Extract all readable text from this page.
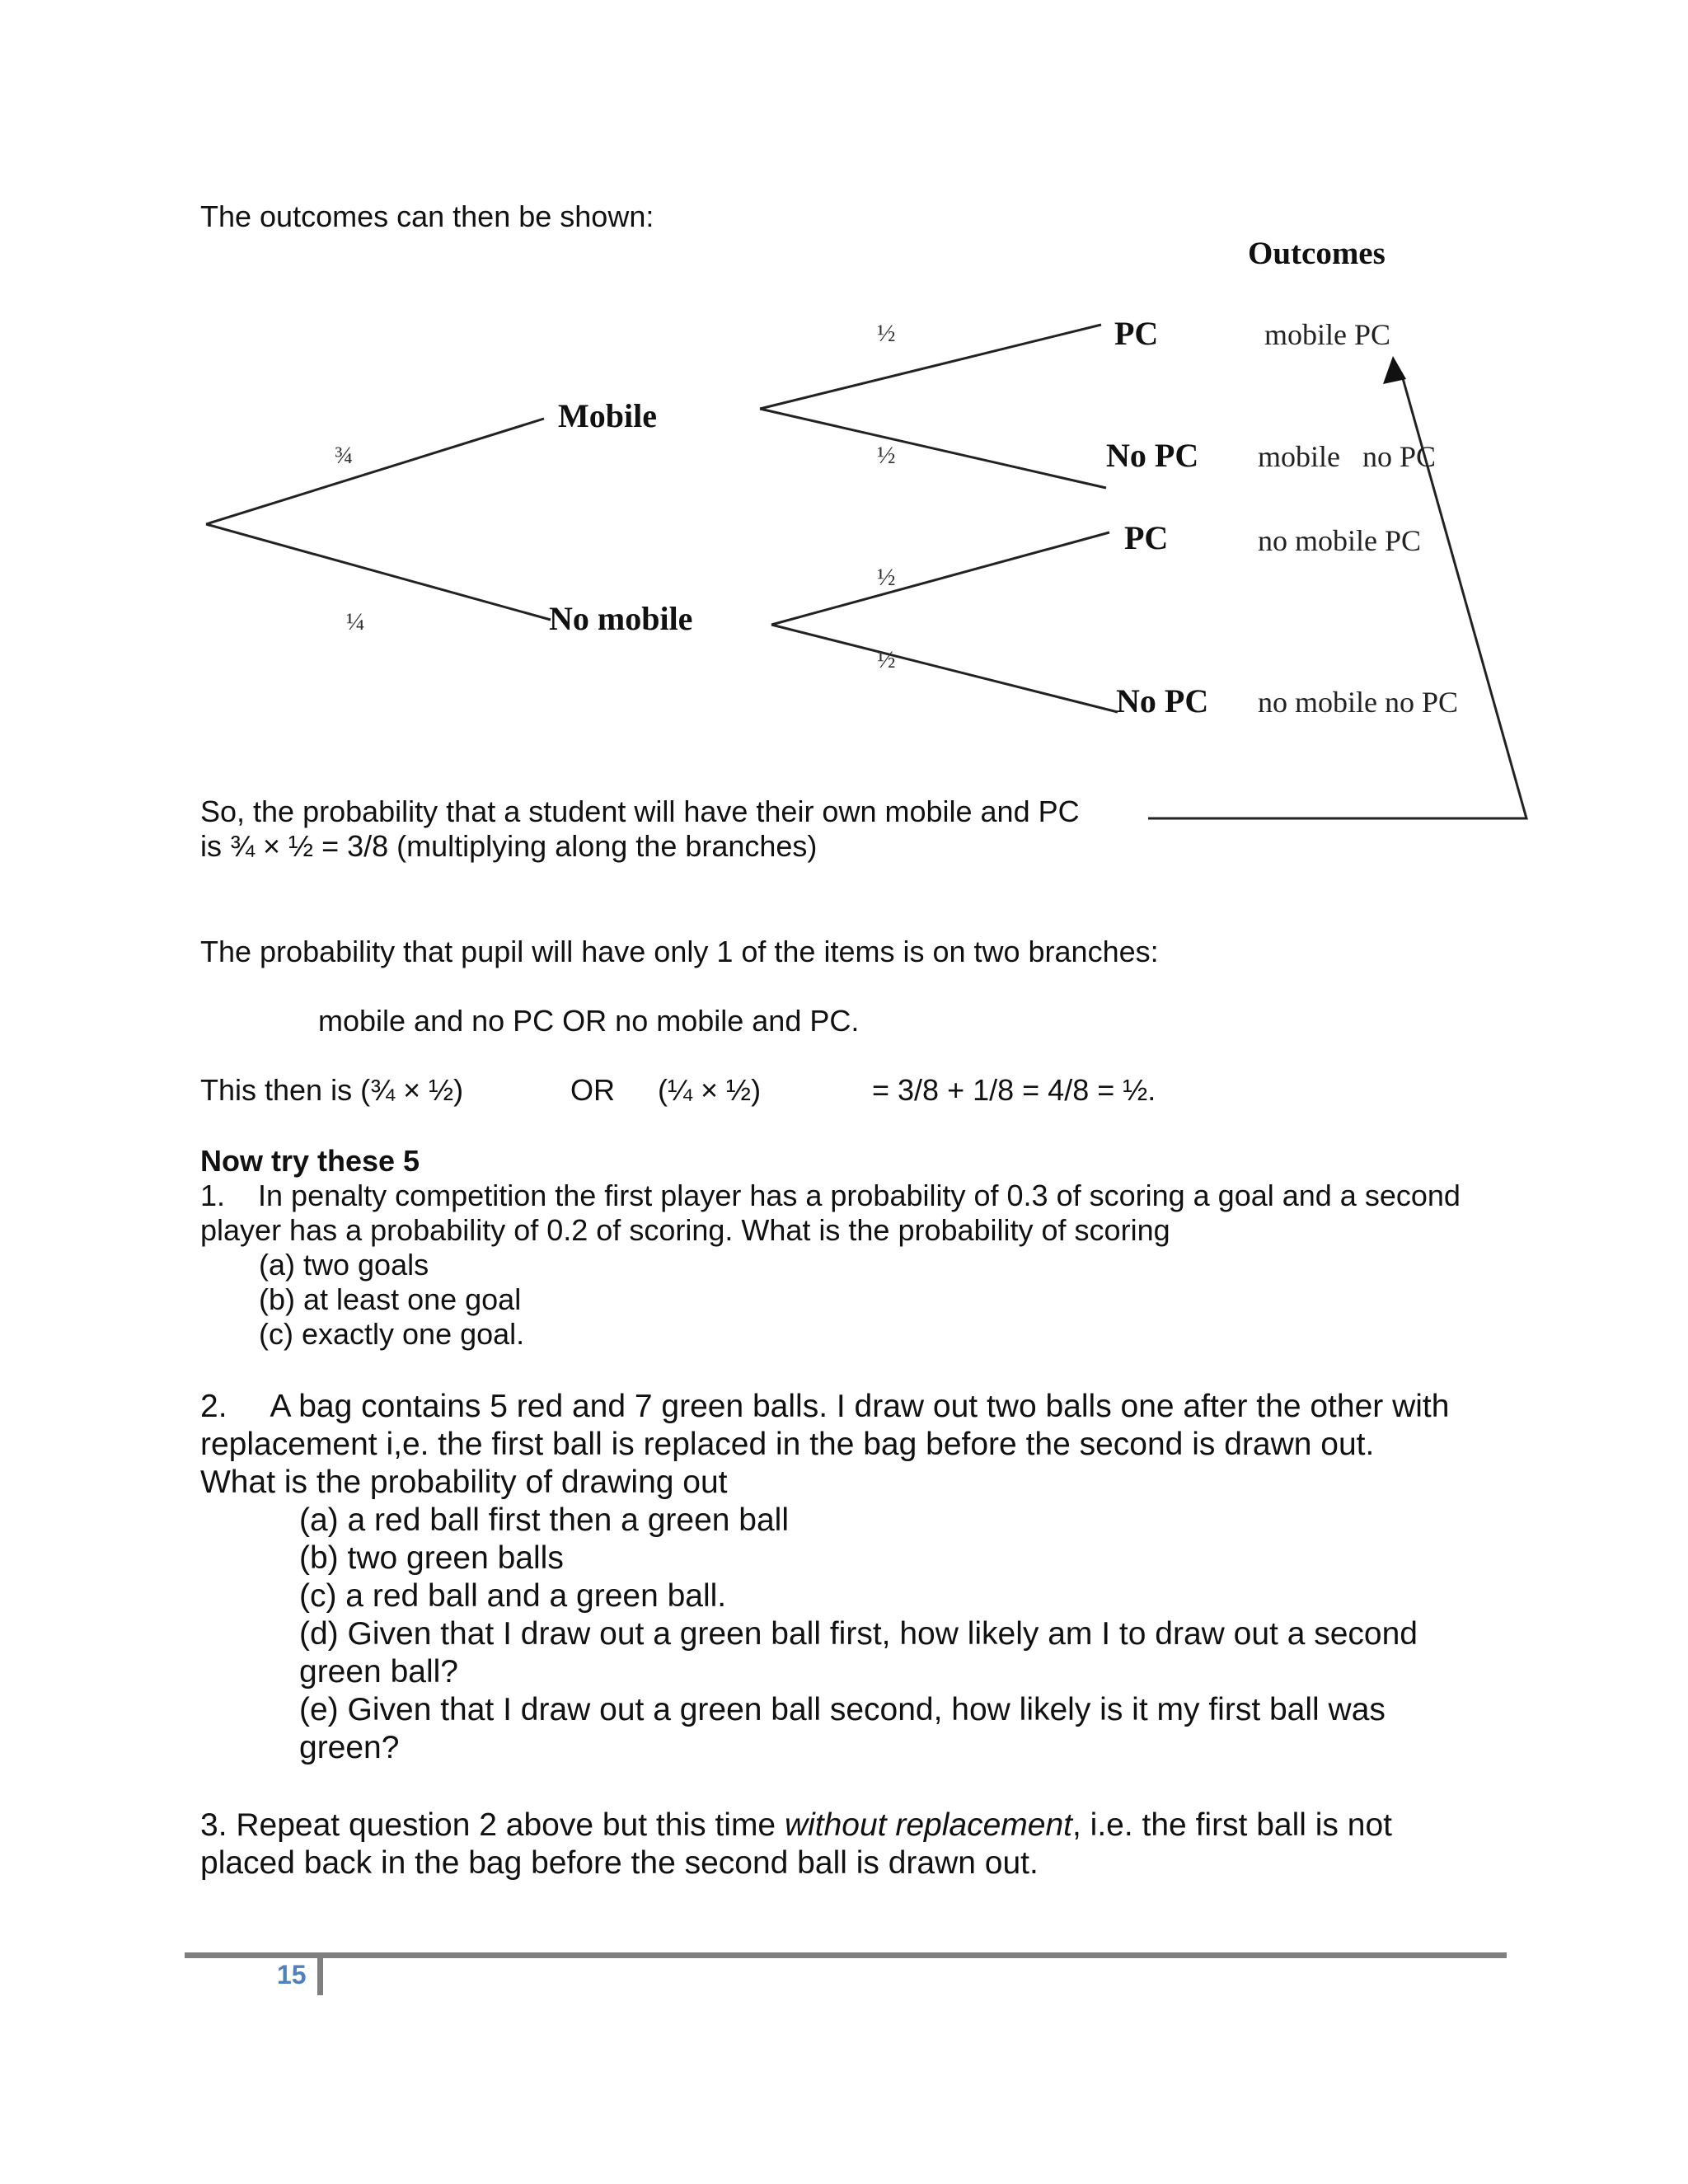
The outcomes can then be shown:
Outcomes
Mobile
No mobile
¾
¼
PC
No PC
PC
No PC
½
½
½
½
mobile PC
mobile   no PC
no mobile PC
no mobile no PC
So, the probability that a student will have their own mobile and PC
is ¾ × ½ = 3/8 (multiplying along the branches)
The probability that pupil will have only 1 of the items is on two branches:
mobile and no PC OR no mobile and PC.
This then is (¾ × ½)	OR (¼ × ½)	= 3/8 + 1/8 = 4/8 = ½.
Now try these 5
1.    In penalty competition the first player has a probability of 0.3 of scoring a goal and a second
player has a probability of 0.2 of scoring. What is the probability of scoring
(a) two goals
(b) at least one goal
(c) exactly one goal.
2.     A bag contains 5 red and 7 green balls. I draw out two balls one after the other with
replacement i,e. the first ball is replaced in the bag before the second is drawn out.
What is the probability of drawing out
(a) a red ball first then a green ball
(b) two green balls
(c) a red ball and a green ball.
(d) Given that I draw out a green ball first, how likely am I to draw out a second
green ball?
(e) Given that I draw out a green ball second, how likely is it my first ball was
green?
3. Repeat question 2 above but this time without replacement, i.e. the first ball is not
placed back in the bag before the second ball is drawn out.
15
